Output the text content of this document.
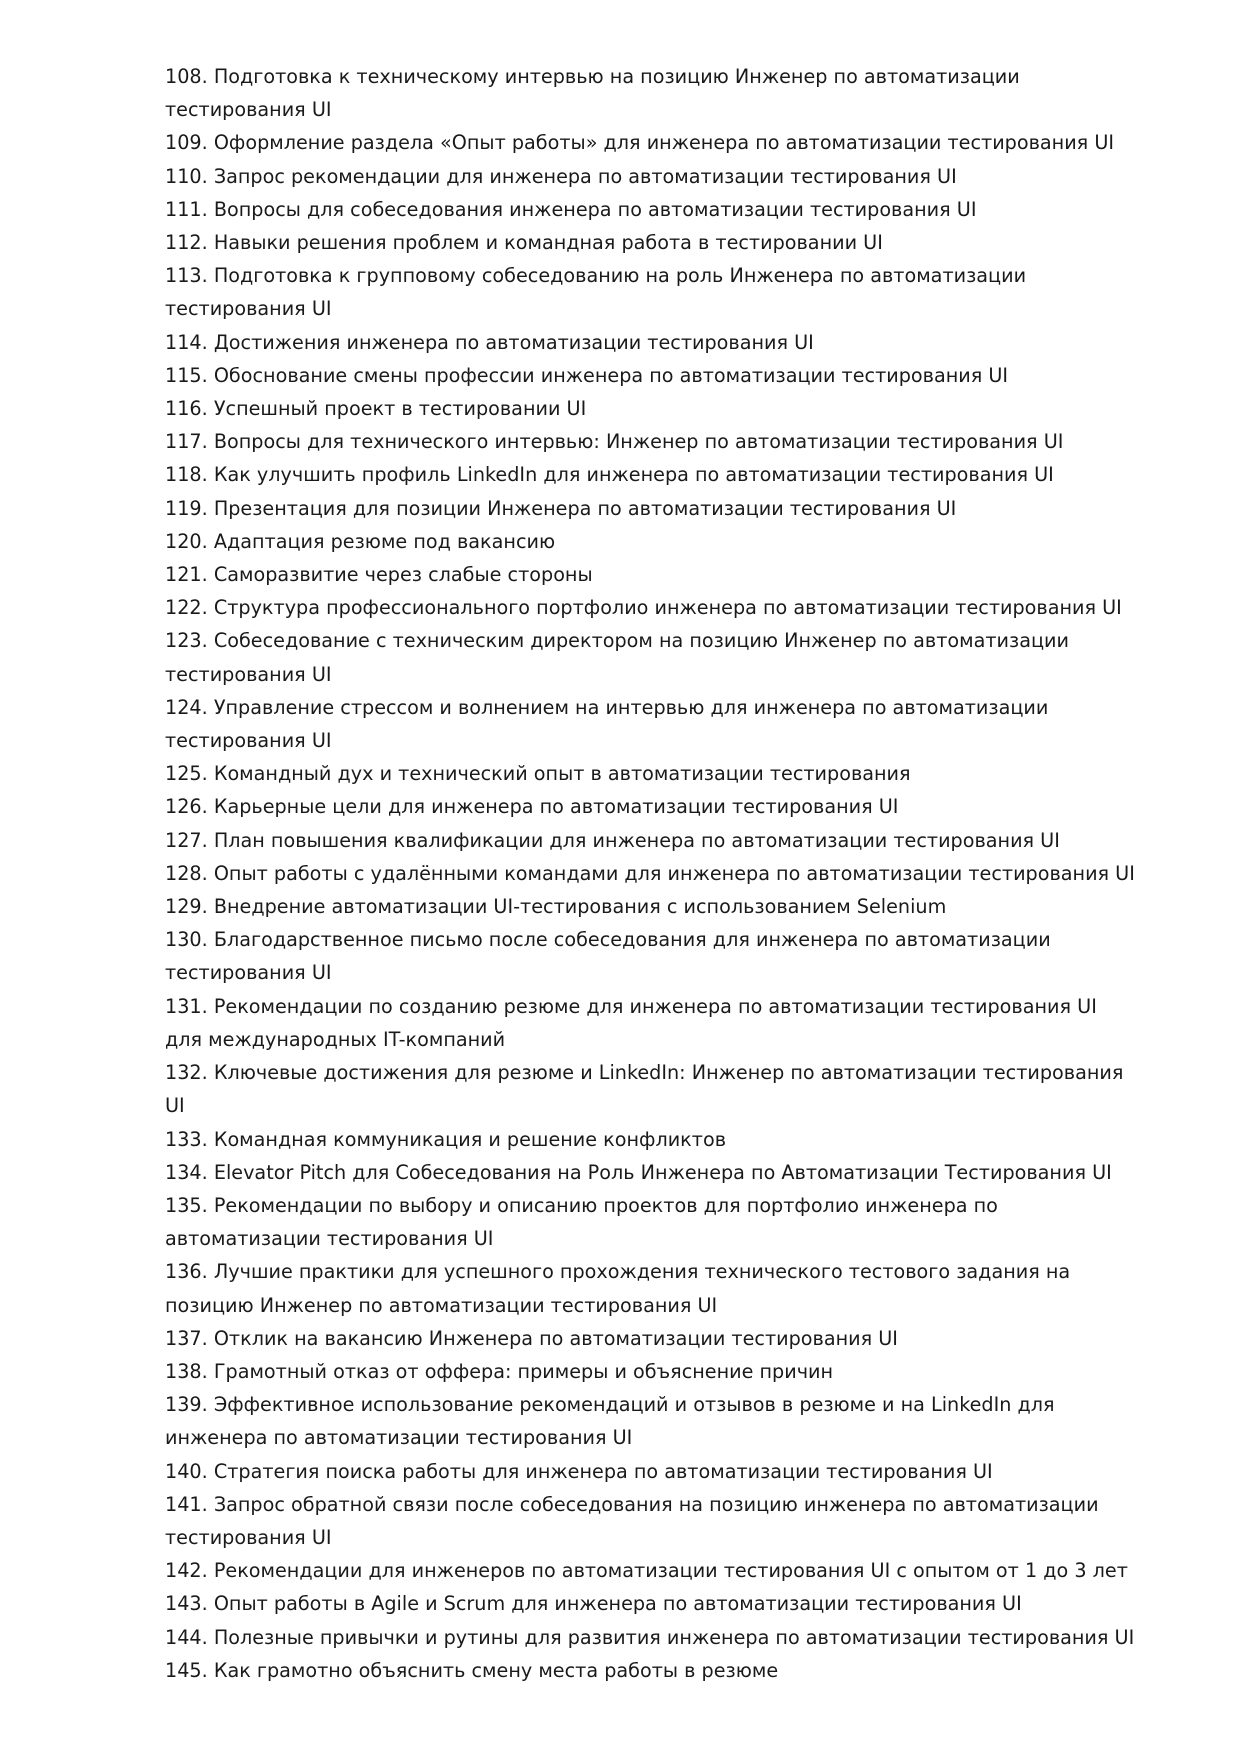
108. Подготовка к техническому интервью на позицию Инженер по автоматизации
тестирования UI
109. Оформление раздела «Опыт работы» для инженера по автоматизации тестирования UI
110. Запрос рекомендации для инженера по автоматизации тестирования UI
111. Вопросы для собеседования инженера по автоматизации тестирования UI
112. Навыки решения проблем и командная работа в тестировании UI
113. Подготовка к групповому собеседованию на роль Инженера по автоматизации
тестирования UI
114. Достижения инженера по автоматизации тестирования UI
115. Обоснование смены профессии инженера по автоматизации тестирования UI
116. Успешный проект в тестировании UI
117. Вопросы для технического интервью: Инженер по автоматизации тестирования UI
118. Как улучшить профиль LinkedIn для инженера по автоматизации тестирования UI
119. Презентация для позиции Инженера по автоматизации тестирования UI
120. Адаптация резюме под вакансию
121. Саморазвитие через слабые стороны
122. Структура профессионального портфолио инженера по автоматизации тестирования UI
123. Собеседование с техническим директором на позицию Инженер по автоматизации
тестирования UI
124. Управление стрессом и волнением на интервью для инженера по автоматизации
тестирования UI
125. Командный дух и технический опыт в автоматизации тестирования
126. Карьерные цели для инженера по автоматизации тестирования UI
127. План повышения квалификации для инженера по автоматизации тестирования UI
128. Опыт работы с удалёнными командами для инженера по автоматизации тестирования UI
129. Внедрение автоматизации UI-тестирования с использованием Selenium
130. Благодарственное письмо после собеседования для инженера по автоматизации
тестирования UI
131. Рекомендации по созданию резюме для инженера по автоматизации тестирования UI
для международных IT-компаний
132. Ключевые достижения для резюме и LinkedIn: Инженер по автоматизации тестирования
UI
133. Командная коммуникация и решение конфликтов
134. Elevator Pitch для Собеседования на Роль Инженера по Автоматизации Тестирования UI
135. Рекомендации по выбору и описанию проектов для портфолио инженера по
автоматизации тестирования UI
136. Лучшие практики для успешного прохождения технического тестового задания на
позицию Инженер по автоматизации тестирования UI
137. Отклик на вакансию Инженера по автоматизации тестирования UI
138. Грамотный отказ от оффера: примеры и объяснение причин
139. Эффективное использование рекомендаций и отзывов в резюме и на LinkedIn для
инженера по автоматизации тестирования UI
140. Стратегия поиска работы для инженера по автоматизации тестирования UI
141. Запрос обратной связи после собеседования на позицию инженера по автоматизации
тестирования UI
142. Рекомендации для инженеров по автоматизации тестирования UI с опытом от 1 до 3 лет
143. Опыт работы в Agile и Scrum для инженера по автоматизации тестирования UI
144. Полезные привычки и рутины для развития инженера по автоматизации тестирования UI
145. Как грамотно объяснить смену места работы в резюме
